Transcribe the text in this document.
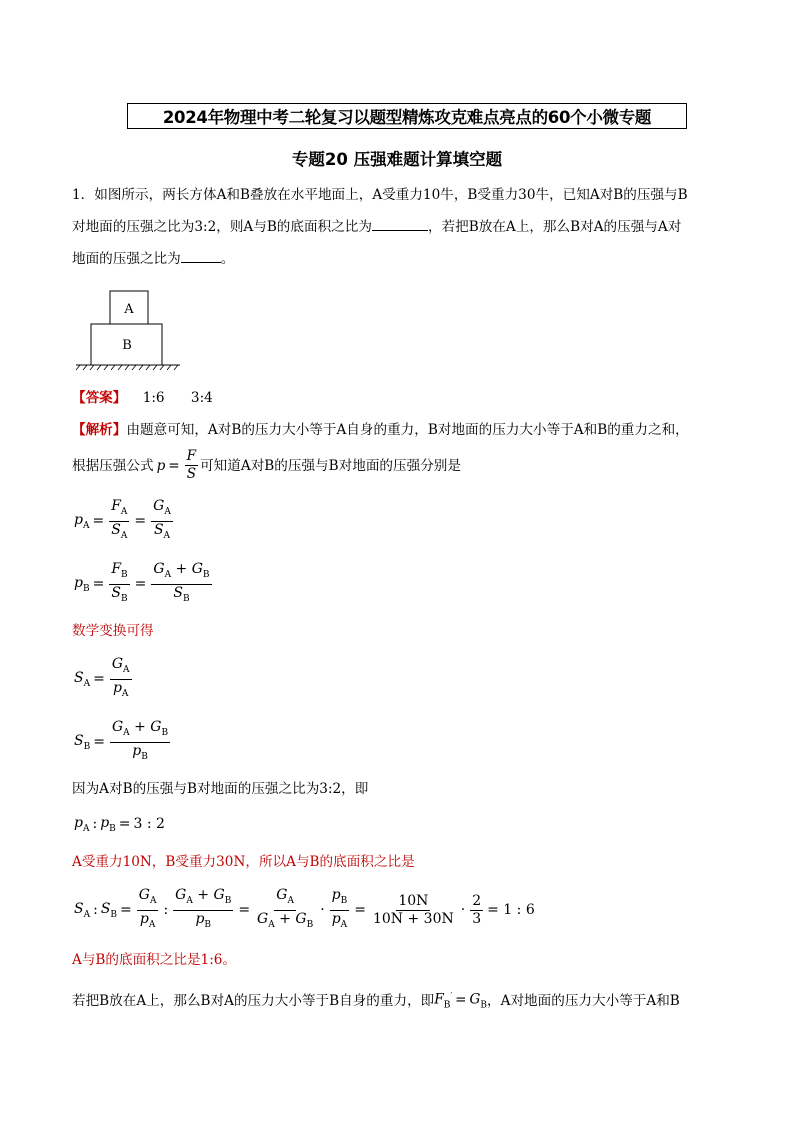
2024年物理中考二轮复习以题型精炼攻克难点亮点的60个小微专题
专题20 压强难题计算填空题
1．如图所示，两长方体A和B叠放在水平地面上，A受重力10牛，B受重力30牛，已知A对B的压强与B
对地面的压强之比为3:2，则A与B的底面积之比为	，若把B放在A上，那么B对A的压强与A对
地面的压强之比为	。
A
B
【答案】 1:6 3:4
【解析】由题意可知，A对B的压力大小等于A自身的重力，B对地面的压力大小等于A和B的重力之和，
根据压强公式 $p = \frac{F}{S}$ 可知道A对B的压强与B对地面的压强分别是
$p_A = \frac{F_A}{S_A} = \frac{G_A}{S_A}$
$p_B = \frac{F_B}{S_B} = \frac{G_A + G_B}{S_B}$
数学变换可得
$S_A = \frac{G_A}{p_A}$
$S_B = \frac{G_A + G_B}{p_B}$
因为A对B的压强与B对地面的压强之比为3:2，即
$p_A$ : $p_B = 3$ : 2
A受重力10N，B受重力30N，所以A与B的底面积之比是
$S_A$ : $S_B = \frac{G_A}{p_A}$ : $\frac{G_A + G_B}{p_B} = \frac{G_A}{G_A + G_B} \cdot \frac{p_B}{p_A} = \frac{10N}{10N + 30N} \cdot \frac{2}{3} = 1$ : 6
A与B的底面积之比是1:6。
若把B放在A上，那么B对A的压力大小等于B自身的重力，即 $F_B' = G_B$ ，A对地面的压力大小等于A和B
